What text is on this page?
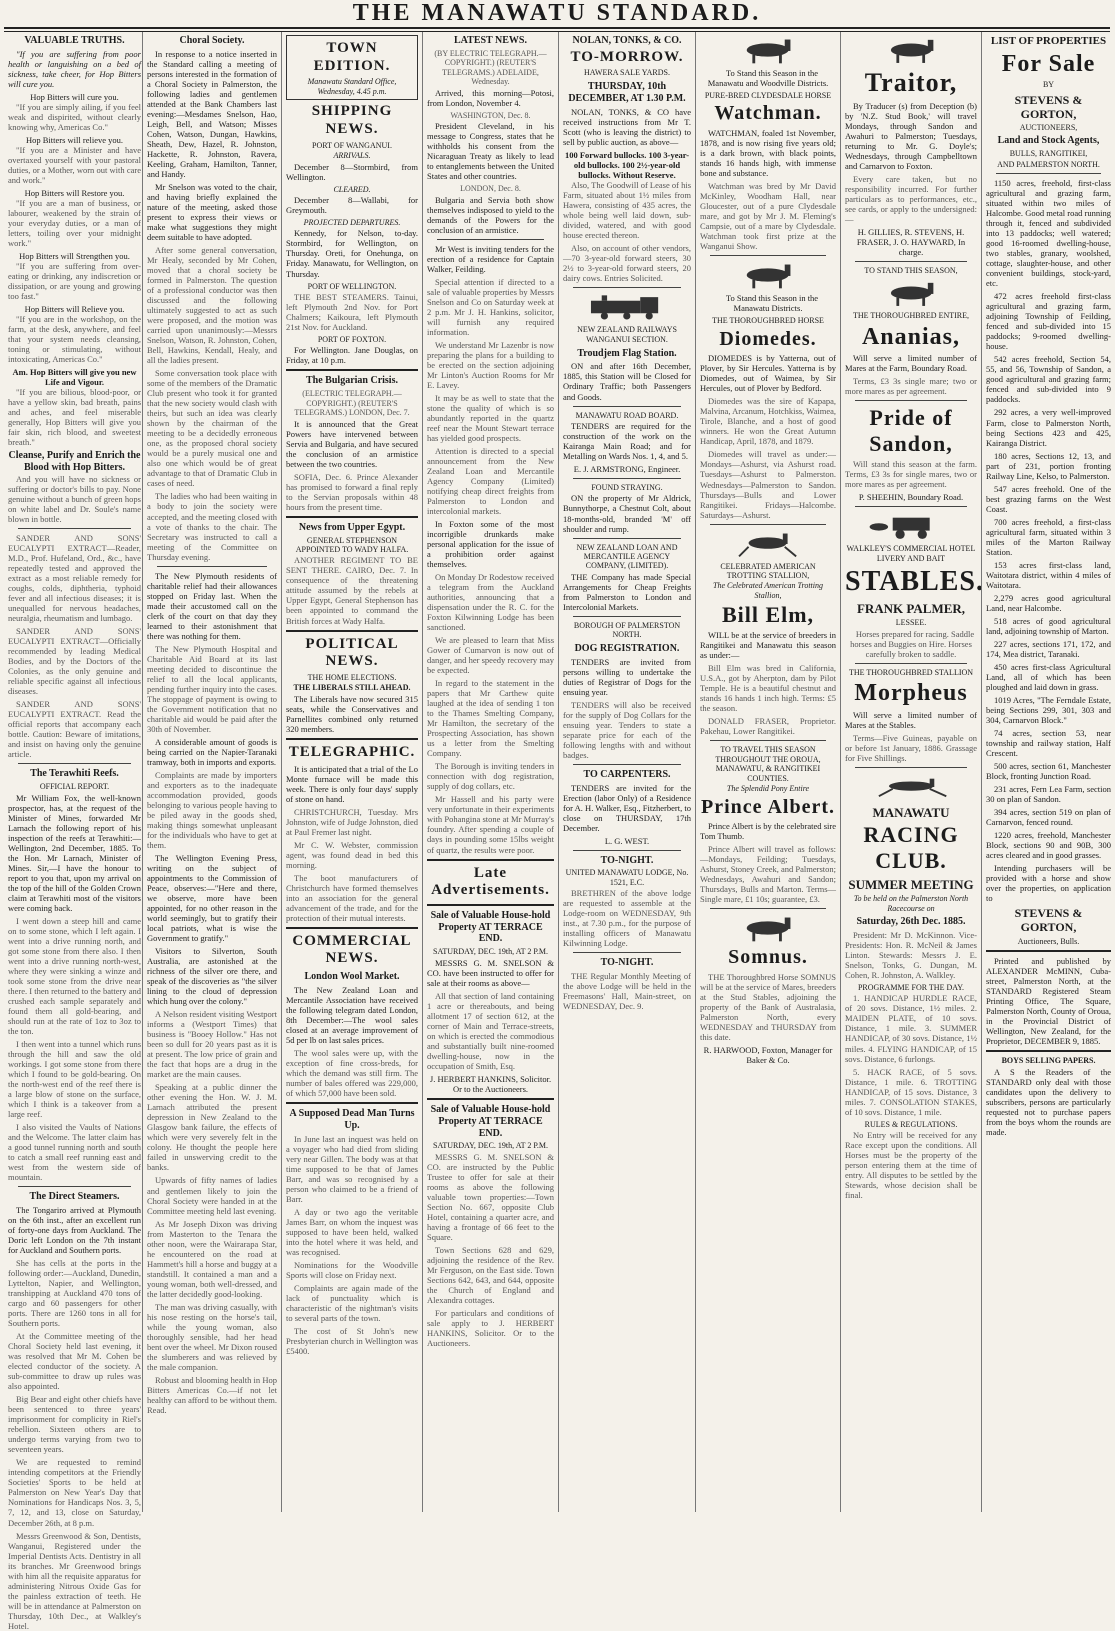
THE MANAWATU STANDARD.
VALUABLE TRUTHS.

"If you are suffering from poor health or languishing on a bed of sickness, take cheer, for Hop Bitters will cure you.

Hop Bitters will cure you.

"If you are simply ailing, if you feel weak and dispirited, without clearly knowing why, Americas Co."

Hop Bitters will relieve you.

"If you are a Minister and have overtaxed yourself with your pastoral duties, or a Mother, worn out with care and work."

Hop Bitters will Restore you.

"If you are a man of business, or labourer, weakened by the strain of your everyday duties, or a man of letters, toiling over your midnight work."

Hop Bitters will Strengthen you.

"If you are suffering from over-eating or drinking, any indiscretion or dissipation, or are young and growing too fast."

Hop Bitters will Relieve you.

"If you are in the workshop, on the farm, at the desk, anywhere, and feel that your system needs cleansing, toning or stimulating, without intoxicating, Americas Co."

Am. Hop Bitters will give you new Life and Vigour.

"If you are bilious, blood-poor, or have a yellow skin, bad breath, pains and aches, and feel miserable generally, Hop Bitters will give you fair skin, rich blood, and sweetest breath."

Cleanse, Purify and Enrich the Blood with Hop Bitters.

And you will have no sickness or suffering or doctor's bills to pay. None genuine without a bunch of green hops on white label and Dr. Soule's name blown in bottle.

SANDER AND SONS' EUCALYPTI EXTRACT—Reader, M.D., Prof. Hufeland, Ord., &c., have repeatedly tested and approved the extract as a most reliable remedy for coughs, colds, diphtheria, typhoid fever and all infectious diseases; it is unequalled for nervous headaches, neuralgia, rheumatism and lumbago.

SANDER AND SONS' EUCALYPTI EXTRACT—Officially recommended by leading Medical Bodies, and by the Doctors of the Colonies, as the only genuine and reliable specific against all infectious diseases.

SANDER AND SONS' EUCALYPTI EXTRACT. Read the official reports that accompany each bottle. Caution: Beware of imitations, and insist on having only the genuine article.

The Terawhiti Reefs.
OFFICIAL REPORT.

Mr William Fox, the well-known prospector, has, at the request of the Minister of Mines, forwarded Mr Larnach the following report of his inspection of the reefs at Terawhiti:—Wellington, 2nd December, 1885. To the Hon. Mr Larnach, Minister of Mines. Sir,—I have the honour to report to you that, upon my arrival on the top of the hill of the Golden Crown claim at Terawhiti most of the visitors were coming back.

I went down a steep hill and came on to some stone, which I left again. I went into a drive running north, and got some stone from there also. I then went into a drive running north-west, where they were sinking a winze and took some stone from the drive near there. I then returned to the battery and crushed each sample separately and found them all gold-bearing, and should run at the rate of 1oz to 3oz to the ton.

I then went into a tunnel which runs through the hill and saw the old workings. I got some stone from there which I found to be gold-bearing. On the north-west end of the reef there is a large blow of stone on the surface, which I think is a takeover from a large reef.

I also visited the Vaults of Nations and the Welcome. The latter claim has a good tunnel running north and south to catch a small reef running east and west from the western side of mountain.

The Direct Steamers.

The Tongariro arrived at Plymouth on the 6th inst., after an excellent run of forty-one days from Auckland. The Doric left London on the 7th instant for Auckland and Southern ports.

She has cells at the ports in the following order:—Auckland, Dunedin, Lyttelton, Napier, and Wellington, transhipping at Auckland 470 tons of cargo and 60 passengers for other ports. There are 1260 tons in all for Southern ports.

At the Committee meeting of the Choral Society held last evening, it was resolved that Mr M. Cohen be elected conductor of the society. A sub-committee to draw up rules was also appointed.

Big Bear and eight other chiefs have been sentenced to three years' imprisonment for complicity in Riel's rebellion. Sixteen others are to undergo terms varying from two to seventeen years.

We are requested to remind intending competitors at the Friendly Societies' Sports to be held at Palmerston on New Year's Day that Nominations for Handicaps Nos. 3, 5, 7, 12, and 13, close on Saturday, December 26th, at 8 p.m.

Messrs Greenwood & Son, Dentists, Wanganui, Registered under the Imperial Dentists Acts. Dentistry in all its branches. Mr Greenwood brings with him all the requisite apparatus for administering Nitrous Oxide Gas for the painless extraction of teeth. He will be in attendance at Palmerston on Thursday, 10th Dec., at Walkley's Hotel.

Choral Society.

In response to a notice inserted in the Standard calling a meeting of persons interested in the formation of a Choral Society in Palmerston, the following ladies and gentlemen attended at the Bank Chambers last evening:—Mesdames Snelson, Hao, Leigh, Bell, and Watson; Misses Cohen, Watson, Dungan, Hawkins, Sheath, Dew, Hazel, R. Johnston, Hackette, R. Johnston, Ravera, Keeling, Graham, Hamilton, Tanner, and Handy.

Mr Snelson was voted to the chair, and having briefly explained the nature of the meeting, asked those present to express their views or make what suggestions they might deem suitable to have adopted.

After some general conversation, Mr Healy, seconded by Mr Cohen, moved that a choral society be formed in Palmerston. The question of a professional conductor was then discussed and the following ultimately suggested to act as such were proposed, and the motion was carried upon unanimously:—Messrs Snelson, Watson, R. Johnston, Cohen, Bell, Hawkins, Kendall, Healy, and all the ladies present.

Some conversation took place with some of the members of the Dramatic Club present who took it for granted that the new society would clash with theirs, but such an idea was clearly shown by the chairman of the meeting to be a decidedly erroneous one, as the proposed choral society would be a purely musical one and also one which would be of great advantage to that of Dramatic Club in cases of need.

The ladies who had been waiting in a body to join the society were accepted, and the meeting closed with a vote of thanks to the chair. The Secretary was instructed to call a meeting of the Committee on Thursday evening.

The New Plymouth residents of charitable relief had their allowances stopped on Friday last. When the made their accustomed call on the clerk of the court on that day they learned to their astonishment that there was nothing for them.

The New Plymouth Hospital and Charitable Aid Board at its last meeting decided to discontinue the relief to all the local applicants, pending further inquiry into the cases. The stoppage of payment is owing to the Government notification that no charitable aid would be paid after the 30th of November.

A considerable amount of goods is being carried on the Napier-Taranaki tramway, both in imports and exports.

Complaints are made by importers and exporters as to the inadequate accommodation provided, goods belonging to various people having to be piled away in the goods shed, making things somewhat unpleasant for the individuals who have to get at them.

The Wellington Evening Press, writing on the subject of appointments to the Commission of Peace, observes:—"Here and there, we observe, more have been appointed, for no other reason in the world seemingly, but to gratify their local patriots, what is wise the Government to gratify."

Visitors to Silverton, South Australia, are astonished at the richness of the silver ore there, and speak of the discoveries as "the silver lining to the cloud of depression which hung over the colony."

A Nelson resident visiting Westport informs a (Westport Times) that business is "Booey Hollow." Has not been so dull for 20 years past as it is at present. The low price of grain and the fact that hops are a drug in the market are the main causes.

Speaking at a public dinner the other evening the Hon. W. J. M. Larnach attributed the present depression in New Zealand to the Glasgow bank failure, the effects of which were very severely felt in the colony. He thought the people here failed in unswerving credit to the banks.

Upwards of fifty names of ladies and gentlemen likely to join the Choral Society were handed in at the Committee meeting held last evening.

As Mr Joseph Dixon was driving from Masterton to the Tenara the other noon, were the Wairarapa Star, he encountered on the road at Hammett's hill a horse and buggy at a standstill. It contained a man and a young woman, both well-dressed, and the latter decidedly good-looking.

The man was driving casually, with his nose resting on the horse's tail, while the young woman, also thoroughly sensible, had her head bent over the wheel. Mr Dixon roused the slumberers and was relieved by the male companion.

Robust and blooming health in Hop Bitters Americas Co.—if not let healthy can afford to be without them. Read.

TOWN EDITION.
Manawatu Standard Office, Wednesday, 4.45 p.m.
SHIPPING NEWS.
PORT OF WANGANUI.
ARRIVALS.

December 8—Stormbird, from Wellington.

CLEARED.

December 8—Wallabi, for Greymouth.

PROJECTED DEPARTURES.

Kennedy, for Nelson, to-day. Stormbird, for Wellington, on Thursday. Oreti, for Onehunga, on Friday. Manawatu, for Wellington, on Thursday.

PORT OF WELLINGTON.

THE BEST STEAMERS. Tainui, left Plymouth 2nd Nov. for Port Chalmers; Kaikoura, left Plymouth 21st Nov. for Auckland.

PORT OF FOXTON.

For Wellington. Jane Douglas, on Friday, at 10 p.m.

The Bulgarian Crisis.
(ELECTRIC TELEGRAPH.—COPYRIGHT.) (REUTER'S TELEGRAMS.) LONDON, Dec. 7.

It is announced that the Great Powers have intervened between Servia and Bulgaria, and have secured the conclusion of an armistice between the two countries.

SOFIA, Dec. 6. Prince Alexander has promised to forward a final reply to the Servian proposals within 48 hours from the present time.

News from Upper Egypt.
GENERAL STEPHENSON APPOINTED TO WADY HALFA.

ANOTHER REGIMENT TO BE SENT THERE. CAIRO, Dec. 7. In consequence of the threatening attitude assumed by the rebels at Upper Egypt, General Stephenson has been appointed to command the British forces at Wady Halfa.

POLITICAL NEWS.
THE HOME ELECTIONS.
THE LIBERALS STILL AHEAD.

The Liberals have now secured 315 seats, while the Conservatives and Parnellites combined only returned 320 members.

TELEGRAPHIC.

It is anticipated that a trial of the Lo Monte furnace will be made this week. There is only four days' supply of stone on hand.

CHRISTCHURCH, Tuesday. Mrs Johnston, wife of Judge Johnston, died at Paul Fremer last night.

Mr C. W. Webster, commission agent, was found dead in bed this morning.

The boot manufacturers of Christchurch have formed themselves into an association for the general advancement of the trade, and for the protection of their mutual interests.

COMMERCIAL NEWS.
London Wool Market.

The New Zealand Loan and Mercantile Association have received the following telegram dated London, 8th December:—The wool sales closed at an average improvement of 5d per lb on last sales prices.

The wool sales were up, with the exception of fine cross-breds, for which the demand was still firm. The number of bales offered was 229,000, of which 57,000 have been sold.

A Supposed Dead Man Turns Up.

In June last an inquest was held on a voyager who had died from sliding very near Gillen. The body was at that time supposed to be that of James Barr, and was so recognised by a person who claimed to be a friend of Barr.

A day or two ago the veritable James Barr, on whom the inquest was supposed to have been held, walked into the hotel where it was held, and was recognised.

Nominations for the Woodville Sports will close on Friday next.

Complaints are again made of the lack of punctuality which is characteristic of the nightman's visits to several parts of the town.

The cost of St John's new Presbyterian church in Wellington was £5400.

LATEST NEWS.
(BY ELECTRIC TELEGRAPH.—COPYRIGHT.) (REUTER'S TELEGRAMS.) ADELAIDE, Wednesday.

Arrived, this morning—Potosi, from London, November 4.

WASHINGTON, Dec. 8.

President Cleveland, in his message to Congress, states that he withholds his consent from the Nicaraguan Treaty as likely to lead to entanglements between the United States and other countries.

LONDON, Dec. 8.

Bulgaria and Servia both show themselves indisposed to yield to the demands of the Powers for the conclusion of an armistice.

Mr West is inviting tenders for the erection of a residence for Captain Walker, Feilding.

Special attention if directed to a sale of valuable properties by Messrs Snelson and Co on Saturday week at 2 p.m. Mr J. H. Hankins, solicitor, will furnish any required information.

We understand Mr Lazenbr is now preparing the plans for a building to be erected on the section adjoining Mr Linton's Auction Rooms for Mr E. Lavey.

It may be as well to state that the stone the quality of which is so abundantly reported in the quartz reef near the Mount Stewart terrace has yielded good prospects.

Attention is directed to a special announcement from the New Zealand Loan and Mercantile Agency Company (Limited) notifying cheap direct freights from Palmerston to London and intercolonial markets.

In Foxton some of the most incorrigible drunkards make personal application for the issue of a prohibition order against themselves.

On Monday Dr Rodestow received a telegram from the Auckland authorities, announcing that a dispensation under the R. C. for the Foxton Kilwinning Lodge has been sanctioned.

We are pleased to learn that Miss Gower of Cumarvon is now out of danger, and her speedy recovery may be expected.

In regard to the statement in the papers that Mr Carthew quite laughed at the idea of sending 1 ton to the Thames Smelting Company, Mr Hamilton, the secretary of the Prospecting Association, has shown us a letter from the Smelting Company.

The Borough is inviting tenders in connection with dog registration, supply of dog collars, etc.

Mr Hassell and his party were very unfortunate in their experiments with Pohangina stone at Mr Murray's foundry. After spending a couple of days in pounding some 15lbs weight of quartz, the results were poor.

Late Advertisements.
Sale of Valuable House-hold Property AT TERRACE END.
SATURDAY, DEC. 19th, AT 2 P.M.

MESSRS G. M. SNELSON & CO. have been instructed to offer for sale at their rooms as above—

All that section of land containing 1 acre or thereabouts, and being allotment 17 of section 612, at the corner of Main and Terrace-streets, on which is erected the commodious and substantially built nine-roomed dwelling-house, now in the occupation of Smith, Esq.

J. HERBERT HANKINS, Solicitor. Or to the Auctioneers.
Sale of Valuable House-hold Property AT TERRACE END.
SATURDAY, DEC. 19th, AT 2 P.M.

MESSRS G. M. SNELSON & CO. are instructed by the Public Trustee to offer for sale at their rooms as above the following valuable town properties:—Town Section No. 667, opposite Club Hotel, containing a quarter acre, and having a frontage of 66 feet to the Square.

Town Sections 628 and 629, adjoining the residence of the Rev. Mr Ferguson, on the East side. Town Sections 642, 643, and 644, opposite the Church of England and Alexandra cottages.

For particulars and conditions of sale apply to J. HERBERT HANKINS, Solicitor. Or to the Auctioneers.

NOLAN, TONKS, & CO.
TO-MORROW.
HAWERA SALE YARDS.
THURSDAY, 10th DECEMBER, AT 1.30 P.M.

NOLAN, TONKS, & CO have received instructions from Mr T. Scott (who is leaving the district) to sell by public auction, as above—

100 Forward bullocks. 100 3-year-old bullocks. 100 2½-year-old bullocks. Without Reserve.

Also, The Goodwill of Lease of his Farm, situated about 1½ miles from Hawera, consisting of 435 acres, the whole being well laid down, sub-divided, watered, and with good house erected thereon.

Also, on account of other vendors,—70 3-year-old forward steers, 30 2½ to 3-year-old forward steers, 20 dairy cows. Entries Solicited.

NEW ZEALAND RAILWAYS
WANGANUI SECTION.
Troudjem Flag Station.

ON and after 16th December, 1885, this Station will be Closed for Ordinary Traffic; both Passengers and Goods.

MANAWATU ROAD BOARD.

TENDERS are required for the construction of the work on the Kairanga Main Road; and for Metalling on Wards Nos. 1, 4, and 5.

E. J. ARMSTRONG, Engineer.
FOUND STRAYING.

ON the property of Mr Aldrick, Bunnythorpe, a Chestnut Colt, about 18-months-old, branded 'M' off shoulder and rump.

NEW ZEALAND LOAN AND MERCANTILE AGENCY COMPANY, (LIMITED).

THE Company has made Special Arrangements for Cheap Freights from Palmerston to London and Intercolonial Markets.

BOROUGH OF PALMERSTON NORTH.
DOG REGISTRATION.

TENDERS are invited from persons willing to undertake the duties of Registrar of Dogs for the ensuing year.

TENDERS will also be received for the supply of Dog Collars for the ensuing year. Tenders to state a separate price for each of the following lengths with and without badges.

TO CARPENTERS.

TENDERS are invited for the Erection (labor Only) of a Residence for A. H. Walker, Esq., Fitzherbert, to close on THURSDAY, 17th December.

L. G. WEST.
TO-NIGHT.
UNITED MANAWATU LODGE, No. 1521, E.C.

BRETHREN of the above lodge are requested to assemble at the Lodge-room on WEDNESDAY, 9th inst., at 7.30 p.m., for the purpose of installing officers of Manawatu Kilwinning Lodge.

TO-NIGHT.

THE Regular Monthly Meeting of the above Lodge will be held in the Freemasons' Hall, Main-street, on WEDNESDAY, Dec. 9.

To Stand this Season in the Manawatu and Woodville Districts.

PURE-BRED CLYDESDALE HORSE
Watchman.

WATCHMAN, foaled 1st November, 1878, and is now rising five years old; is a dark brown, with black points, stands 16 hands high, with immense bone and substance.

Watchman was bred by Mr David McKinley, Woodham Hall, near Gloucester, out of a pure Clydesdale mare, and got by Mr J. M. Fleming's Campsie, out of a mare by Clydesdale. Watchman took first prize at the Wanganui Show.

To Stand this Season in the Manawatu Districts.

THE THOROUGHBRED HORSE
Diomedes.

DIOMEDES is by Yatterna, out of Plover, by Sir Hercules. Yatterna is by Diomedes, out of Waimea, by Sir Hercules, out of Plover by Bedford.

Diomedes was the sire of Kapapa, Malvina, Arcanum, Hotchkiss, Waimea, Tirole, Blanche, and a host of good winners. He won the Great Autumn Handicap, April, 1878, and 1879.

Diomedes will travel as under:—Mondays—Ashurst, via Ashurst road. Tuesdays—Ashurst to Palmerston. Wednesdays—Palmerston to Sandon. Thursdays—Bulls and Lower Rangitikei. Fridays—Halcombe. Saturdays—Ashurst.

CELEBRATED AMERICAN TROTTING STALLION,
The Celebrated American Trotting Stallion,
Bill Elm,

WILL be at the service of breeders in Rangitikei and Manawatu this season as under:—

Bill Elm was bred in California, U.S.A., got by Aherpton, dam by Pilot Temple. He is a beautiful chestnut and stands 16 hands 1 inch high. Terms: £5 the season.

DONALD FRASER, Proprietor. Pakehau, Lower Rangitikei.

TO TRAVEL THIS SEASON THROUGHOUT THE OROUA, MANAWATU, & RANGITIKEI COUNTIES.
The Splendid Pony Entire
Prince Albert.

Prince Albert is by the celebrated sire Tom Thumb.

Prince Albert will travel as follows:—Mondays, Feilding; Tuesdays, Ashurst, Stoney Creek, and Palmerston; Wednesdays, Awahuri and Sandon; Thursdays, Bulls and Marton. Terms—Single mare, £1 10s; guarantee, £3.

Somnus.

THE Thoroughbred Horse SOMNUS will be at the service of Mares, breeders at the Stud Stables, adjoining the property of the Bank of Australasia, Palmerston North, every WEDNESDAY and THURSDAY from this date.

R. HARWOOD, Foxton, Manager for Baker & Co.
Traitor,

By Traducer (s) from Deception (b) by 'N.Z. Stud Book,' will travel Mondays, through Sandon and Awahuri to Palmerston; Tuesdays, returning to Mr. G. Doyle's; Wednesdays, through Campbelltown and Carnarvon to Foxton.

Every care taken, but no responsibility incurred. For further particulars as to performances, etc., see cards, or apply to the undersigned:—

H. GILLIES, R. STEVENS, H. FRASER, J. O. HAYWARD, In charge.
TO STAND THIS SEASON,
THE THOROUGHBRED ENTIRE,
Ananias,

Will serve a limited number of Mares at the Farm, Boundary Road.

Terms, £3 3s single mare; two or more mares as per agreement.

Pride of Sandon,

Will stand this season at the farm. Terms, £3 3s for single mares, two or more mares as per agreement.

P. SHEEHIN, Boundary Road.
WALKLEY'S COMMERCIAL HOTEL LIVERY AND BAIT
STABLES.
FRANK PALMER,
LESSEE.

Horses prepared for racing. Saddle horses and Buggies on Hire. Horses carefully broken to saddle.

THE THOROUGHBRED STALLION
Morpheus

Will serve a limited number of Mares at the Stables.

Terms—Five Guineas, payable on or before 1st January, 1886. Grassage for Five Shillings.

MANAWATU
RACING CLUB.
SUMMER MEETING
To be held on the Palmerston North Racecourse on
Saturday, 26th Dec. 1885.

President: Mr D. McKinnon. Vice-Presidents: Hon. R. McNeil & James Linton. Stewards: Messrs J. E. Snelson, Tonks, G. Dungan, M. Cohen, R. Johnston, A. Walkley.

PROGRAMME FOR THE DAY.

1. HANDICAP HURDLE RACE, of 20 sovs. Distance, 1½ miles. 2. MAIDEN PLATE, of 10 sovs. Distance, 1 mile. 3. SUMMER HANDICAP, of 30 sovs. Distance, 1½ miles. 4. FLYING HANDICAP, of 15 sovs. Distance, 6 furlongs.

5. HACK RACE, of 5 sovs. Distance, 1 mile. 6. TROTTING HANDICAP, of 15 sovs. Distance, 3 miles. 7. CONSOLATION STAKES, of 10 sovs. Distance, 1 mile.

RULES & REGULATIONS.

No Entry will be received for any Race except upon the conditions. All Horses must be the property of the person entering them at the time of entry. All disputes to be settled by the Stewards, whose decision shall be final.

LIST OF PROPERTIES
For Sale
BY
STEVENS & GORTON,
AUCTIONEERS,
Land and Stock Agents,
BULLS, RANGITIKEI,
AND PALMERSTON NORTH.

1150 acres, freehold, first-class agricultural and grazing farm, situated within two miles of Halcombe. Good metal road running through it, fenced and subdivided into 13 paddocks; well watered; good 16-roomed dwelling-house, two stables, granary, woolshed, cottage, slaughter-house, and other convenient buildings, stock-yard, etc.

472 acres freehold first-class agricultural and grazing farm, adjoining Township of Feilding, fenced and sub-divided into 15 paddocks; 9-roomed dwelling-house.

542 acres freehold, Section 54, 55, and 56, Township of Sandon, a good agricultural and grazing farm; fenced and sub-divided into 9 paddocks.

292 acres, a very well-improved Farm, close to Palmerston North, being Sections 423 and 425, Kairanga District.

180 acres, Sections 12, 13, and part of 231, portion fronting Railway Line, Kelso, to Palmerston.

547 acres freehold. One of the best grazing farms on the West Coast.

700 acres freehold, a first-class agricultural farm, situated within 3 miles of the Marton Railway Station.

153 acres first-class land, Waitotara district, within 4 miles of Waitotara.

2,279 acres good agricultural Land, near Halcombe.

518 acres of good agricultural land, adjoining township of Marton.

227 acres, sections 171, 172, and 174, Mea district, Taranaki.

450 acres first-class Agricultural Land, all of which has been ploughed and laid down in grass.

1019 Acres, "The Ferndale Estate, being Sections 299, 301, 303 and 304, Carnarvon Block."

74 acres, section 53, near township and railway station, Half Crescent.

500 acres, section 61, Manchester Block, fronting Junction Road.

231 acres, Fern Lea Farm, section 30 on plan of Sandon.

394 acres, section 519 on plan of Carnarvon, fenced round.

1220 acres, freehold, Manchester Block, sections 90 and 90B, 300 acres cleared and in good grasses.

Intending purchasers will be provided with a horse and show over the properties, on application to

STEVENS & GORTON,
Auctioneers, Bulls.

Printed and published by ALEXANDER McMINN, Cuba-street, Palmerston North, at the STANDARD Registered Steam Printing Office, The Square, Palmerston North, County of Oroua, in the Provincial District of Wellington, New Zealand, for the Proprietor, DECEMBER 9, 1885.

BOYS SELLING PAPERS.

A S the Readers of the STANDARD only deal with those candidates upon the delivery to subscribers, persons are particularly requested not to purchase papers from the boys whom the rounds are made.
